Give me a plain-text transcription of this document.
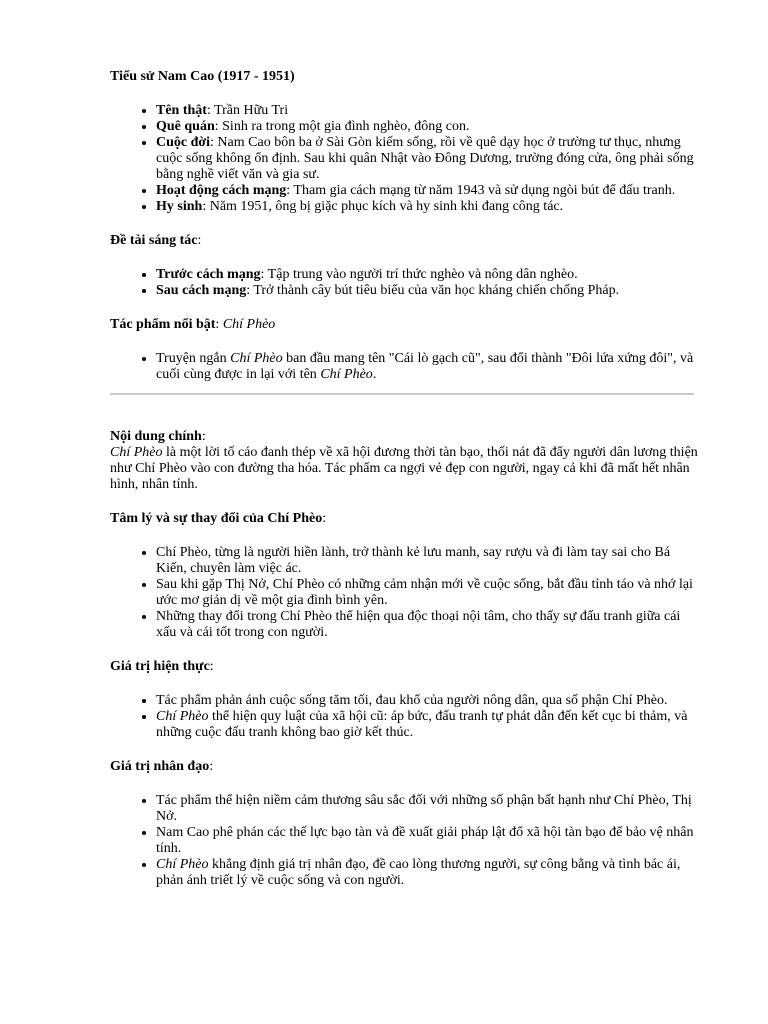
Tiểu sử Nam Cao (1917 - 1951)

• Tên thật: Trần Hữu Tri
• Quê quán: Sinh ra trong một gia đình nghèo, đông con.
• Cuộc đời: Nam Cao bôn ba ở Sài Gòn kiếm sống, rồi về quê dạy học ở trường tư thục, nhưng cuộc sống không ổn định. Sau khi quân Nhật vào Đông Dương, trường đóng cửa, ông phải sống bằng nghề viết văn và gia sư.
• Hoạt động cách mạng: Tham gia cách mạng từ năm 1943 và sử dụng ngòi bút để đấu tranh.
• Hy sinh: Năm 1951, ông bị giặc phục kích và hy sinh khi đang công tác.

Đề tài sáng tác:

• Trước cách mạng: Tập trung vào người trí thức nghèo và nông dân nghèo.
• Sau cách mạng: Trở thành cây bút tiêu biểu của văn học kháng chiến chống Pháp.

Tác phẩm nổi bật: Chí Phèo

• Truyện ngắn Chí Phèo ban đầu mang tên "Cái lò gạch cũ", sau đổi thành "Đôi lứa xứng đôi", và cuối cùng được in lại với tên Chí Phèo.

Nội dung chính:

Chí Phèo là một lời tố cáo đanh thép về xã hội đương thời tàn bạo, thối nát đã đẩy người dân lương thiện như Chí Phèo vào con đường tha hóa. Tác phẩm ca ngợi vẻ đẹp con người, ngay cả khi đã mất hết nhân hình, nhân tính.

Tâm lý và sự thay đổi của Chí Phèo:

• Chí Phèo, từng là người hiền lành, trở thành kẻ lưu manh, say rượu và đi làm tay sai cho Bá Kiến, chuyên làm việc ác.
• Sau khi gặp Thị Nở, Chí Phèo có những cảm nhận mới về cuộc sống, bắt đầu tỉnh táo và nhớ lại ước mơ giản dị về một gia đình bình yên.
• Những thay đổi trong Chí Phèo thể hiện qua độc thoại nội tâm, cho thấy sự đấu tranh giữa cái xấu và cái tốt trong con người.

Giá trị hiện thực:

• Tác phẩm phản ánh cuộc sống tăm tối, đau khổ của người nông dân, qua số phận Chí Phèo.
• Chí Phèo thể hiện quy luật của xã hội cũ: áp bức, đấu tranh tự phát dẫn đến kết cục bi thảm, và những cuộc đấu tranh không bao giờ kết thúc.

Giá trị nhân đạo:

• Tác phẩm thể hiện niềm cảm thương sâu sắc đối với những số phận bất hạnh như Chí Phèo, Thị Nở.
• Nam Cao phê phán các thế lực bạo tàn và đề xuất giải pháp lật đổ xã hội tàn bạo để bảo vệ nhân tính.
• Chí Phèo khẳng định giá trị nhân đạo, đề cao lòng thương người, sự công bằng và tình bác ái, phản ánh triết lý về cuộc sống và con người.
